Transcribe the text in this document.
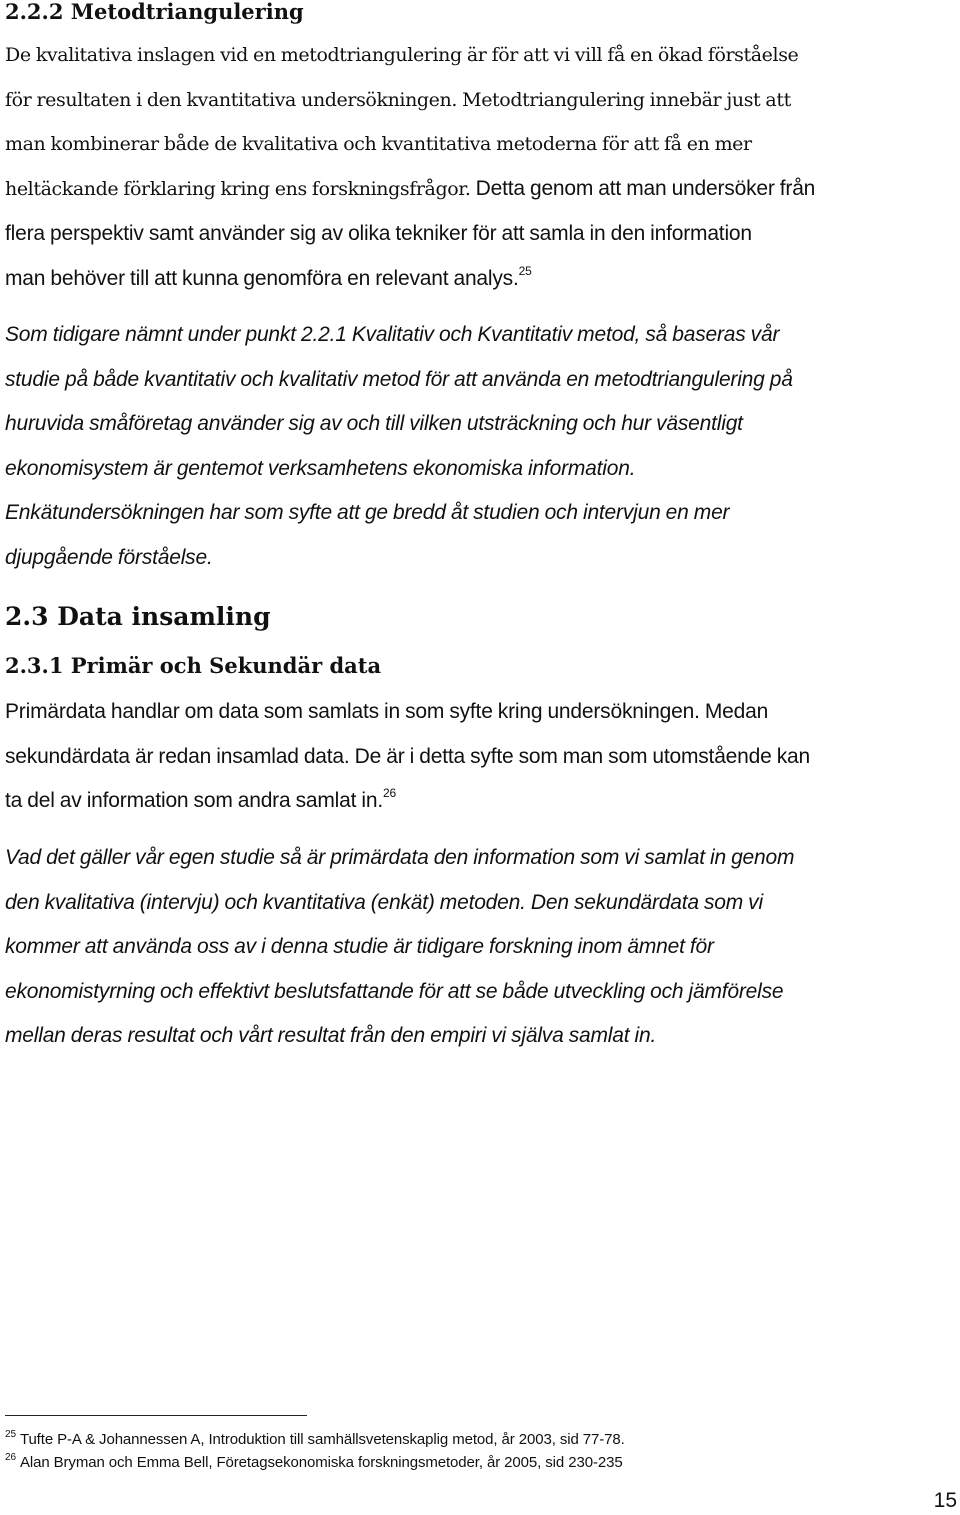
2.2.2 Metodtriangulering
De kvalitativa inslagen vid en metodtriangulering är för att vi vill få en ökad förståelse
för resultaten i den kvantitativa undersökningen. Metodtriangulering innebär just att
man kombinerar både de kvalitativa och kvantitativa metoderna för att få en mer
heltäckande förklaring kring ens forskningsfrågor. Detta genom att man undersöker från
flera perspektiv samt använder sig av olika tekniker för att samla in den information
man behöver till att kunna genomföra en relevant analys.$^{25}$
Som tidigare nämnt under punkt 2.2.1 Kvalitativ och Kvantitativ metod, så baseras vår
studie på både kvantitativ och kvalitativ metod för att använda en metodtriangulering på
huruvida småföretag använder sig av och till vilken utsträckning och hur väsentligt
ekonomisystem är gentemot verksamhetens ekonomiska information.
Enkätundersökningen har som syfte att ge bredd åt studien och intervjun en mer
djupgående förståelse.
2.3 Data insamling
2.3.1 Primär och Sekundär data
Primärdata handlar om data som samlats in som syfte kring undersökningen. Medan
sekundärdata är redan insamlad data. De är i detta syfte som man som utomstående kan
ta del av information som andra samlat in.$^{26}$
Vad det gäller vår egen studie så är primärdata den information som vi samlat in genom
den kvalitativa (intervju) och kvantitativa (enkät) metoden. Den sekundärdata som vi
kommer att använda oss av i denna studie är tidigare forskning inom ämnet för
ekonomistyrning och effektivt beslutsfattande för att se både utveckling och jämförelse
mellan deras resultat och vårt resultat från den empiri vi själva samlat in.
$^{25}$ Tufte P-A & Johannessen A, Introduktion till samhällsvetenskaplig metod, år 2003, sid 77-78.
$^{26}$ Alan Bryman och Emma Bell, Företagsekonomiska forskningsmetoder, år 2005, sid 230-235
15
